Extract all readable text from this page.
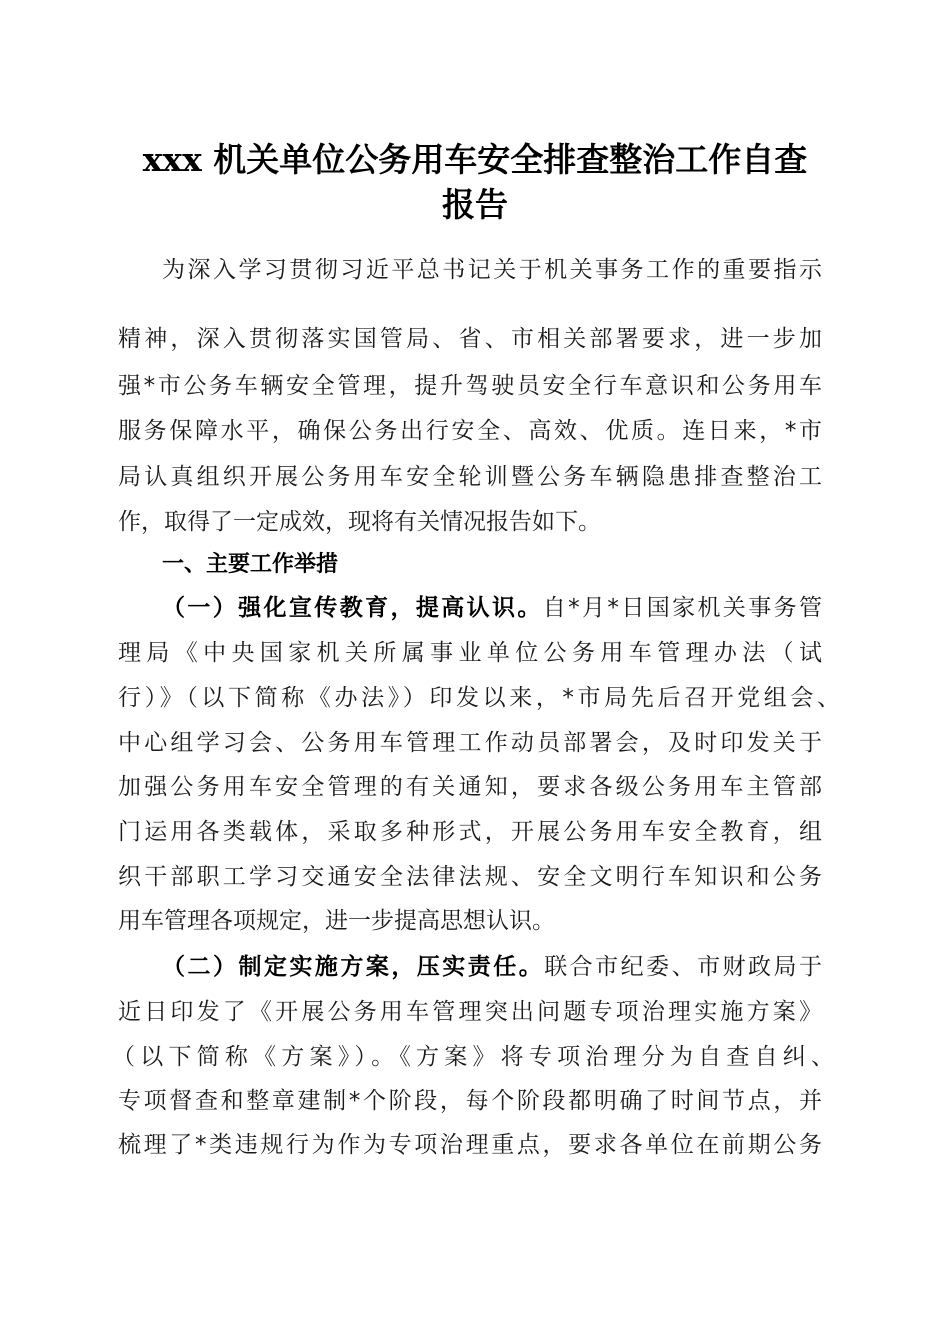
xxx 机关单位公务用车安全排查整治工作自查
报告
为深入学习贯彻习近平总书记关于机关事务工作的重要指示
精神，深入贯彻落实国管局、省、市相关部署要求，进一步加
强*市公务车辆安全管理，提升驾驶员安全行车意识和公务用车
服务保障水平，确保公务出行安全、高效、优质。连日来，*市
局认真组织开展公务用车安全轮训暨公务车辆隐患排查整治工
作，取得了一定成效，现将有关情况报告如下。
一、主要工作举措
（一）强化宣传教育，提高认识。自*月*日国家机关事务管
理局《中央国家机关所属事业单位公务用车管理办法（试
行）》（以下简称《办法》）印发以来，*市局先后召开党组会、
中心组学习会、公务用车管理工作动员部署会，及时印发关于
加强公务用车安全管理的有关通知，要求各级公务用车主管部
门运用各类载体，采取多种形式，开展公务用车安全教育，组
织干部职工学习交通安全法律法规、安全文明行车知识和公务
用车管理各项规定，进一步提高思想认识。
（二）制定实施方案，压实责任。联合市纪委、市财政局于
近日印发了《开展公务用车管理突出问题专项治理实施方案》
（以下简称《方案》）。《方案》将专项治理分为自查自纠、
专项督查和整章建制*个阶段，每个阶段都明确了时间节点，并
梳理了*类违规行为作为专项治理重点，要求各单位在前期公务
